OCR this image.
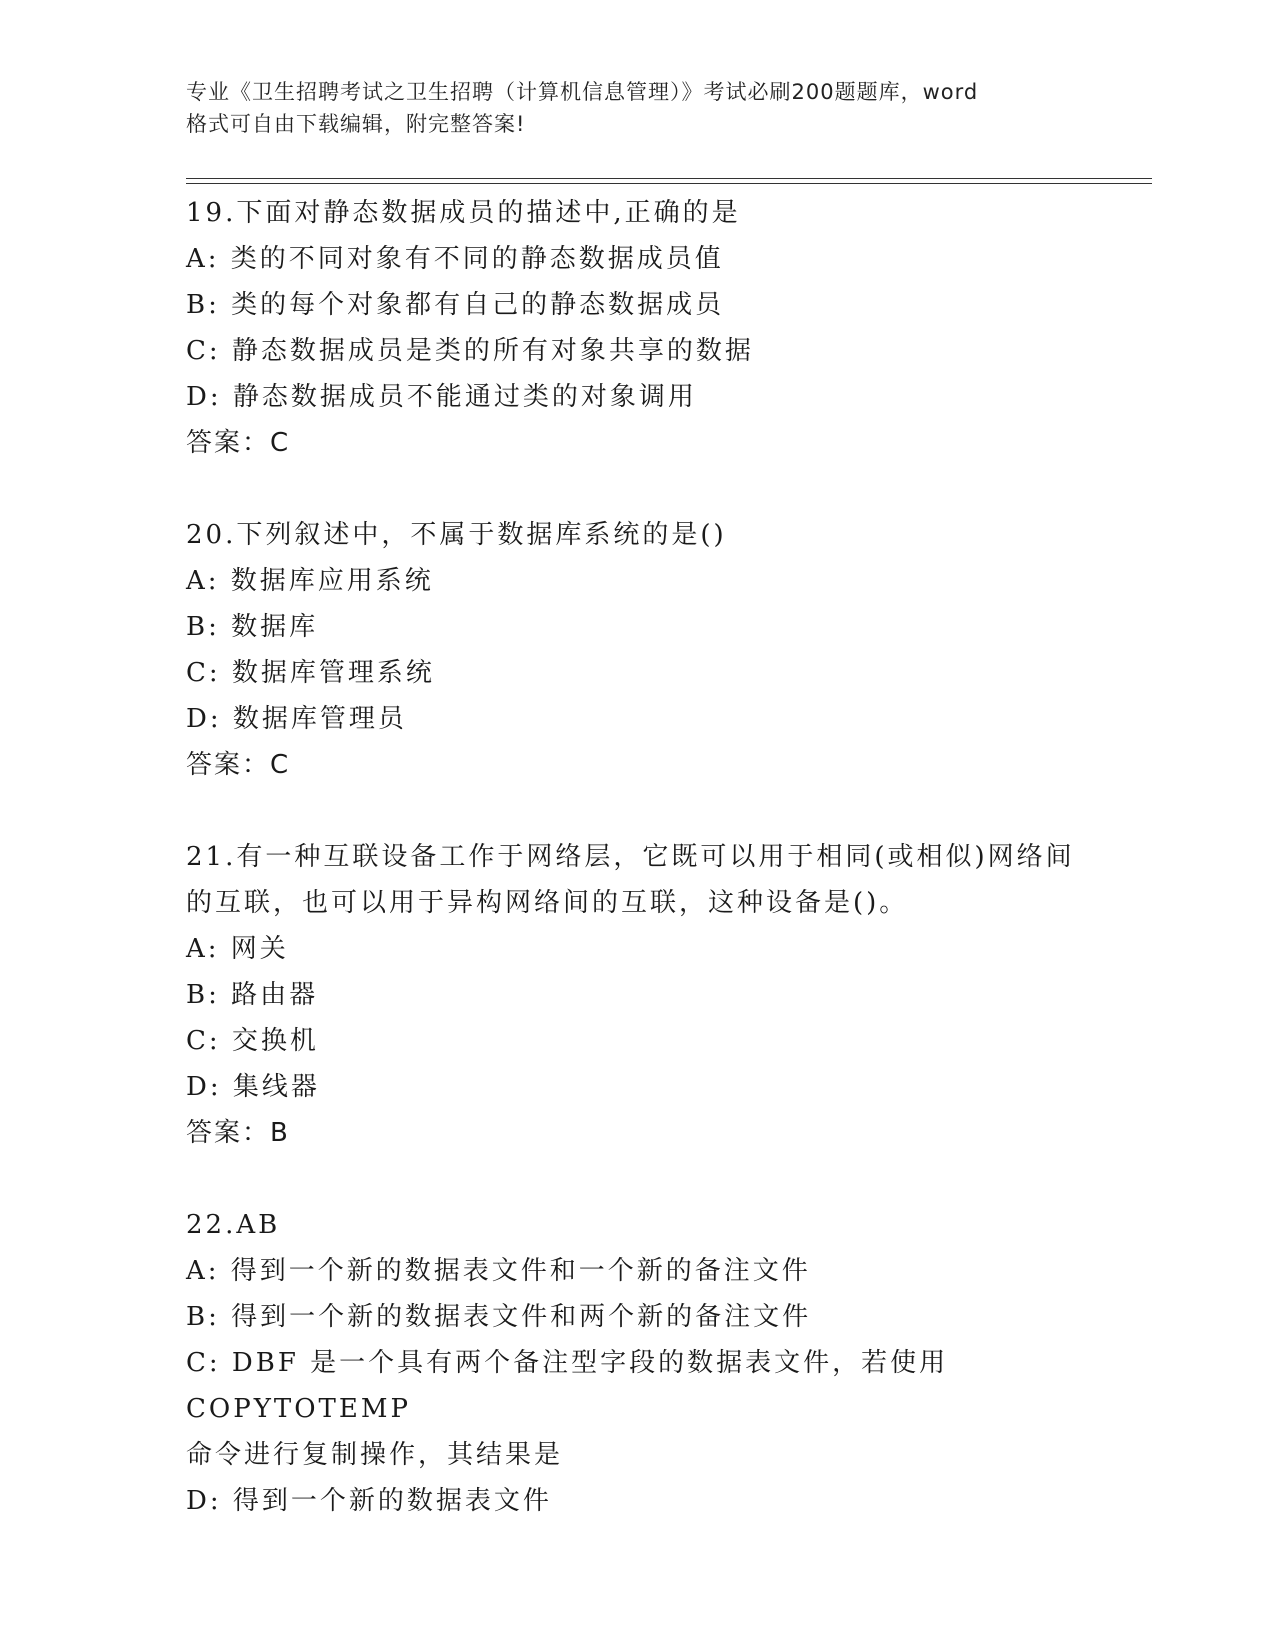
专业《卫生招聘考试之卫生招聘（计算机信息管理）》考试必刷200题题库，word
格式可自由下载编辑，附完整答案!
19.下面对静态数据成员的描述中,正确的是
A: 类的不同对象有不同的静态数据成员值
B: 类的每个对象都有自己的静态数据成员
C: 静态数据成员是类的所有对象共享的数据
D: 静态数据成员不能通过类的对象调用
答案：C
20.下列叙述中，不属于数据库系统的是()
A: 数据库应用系统
B: 数据库
C: 数据库管理系统
D: 数据库管理员
答案：C
21.有一种互联设备工作于网络层，它既可以用于相同(或相似)网络间
的互联，也可以用于异构网络间的互联，这种设备是()。
A: 网关
B: 路由器
C: 交换机
D: 集线器
答案：B
22.AB
A: 得到一个新的数据表文件和一个新的备注文件
B: 得到一个新的数据表文件和两个新的备注文件
C: DBF 是一个具有两个备注型字段的数据表文件，若使用 COPYTOTEMP
命令进行复制操作，其结果是
D: 得到一个新的数据表文件
